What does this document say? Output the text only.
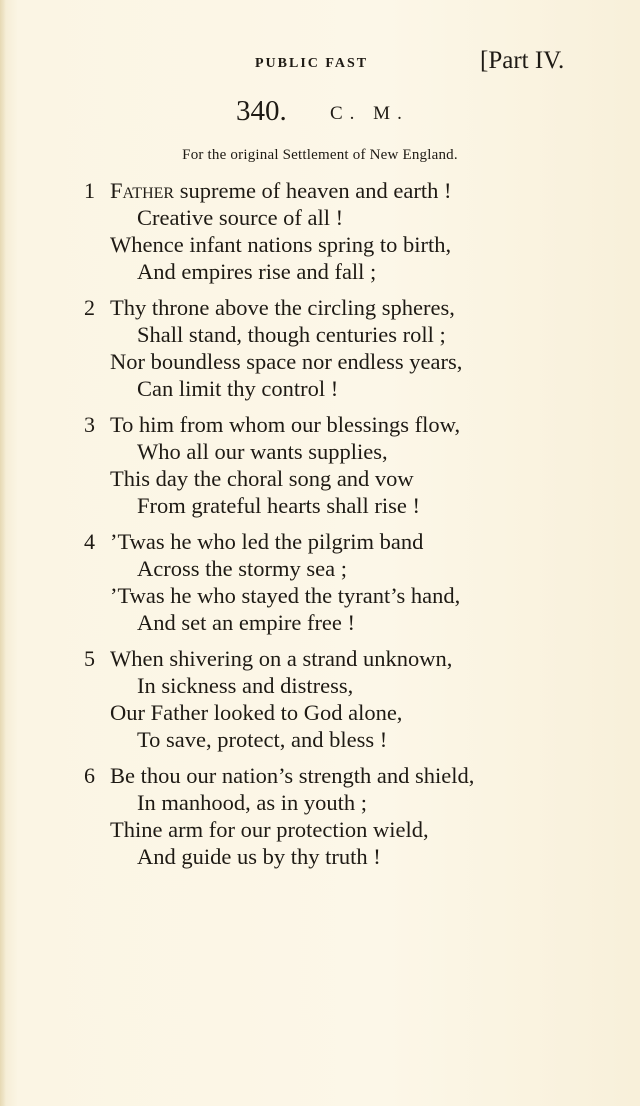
PUBLIC FAST	[Part IV.
340. C. M.
For the original Settlement of New England.
1 Father supreme of heaven and earth !
Creative source of all !
Whence infant nations spring to birth,
And empires rise and fall ;
2 Thy throne above the circling spheres,
Shall stand, though centuries roll ;
Nor boundless space nor endless years,
Can limit thy control !
3 To him from whom our blessings flow,
Who all our wants supplies,
This day the choral song and vow
From grateful hearts shall rise !
4 ’Twas he who led the pilgrim band
Across the stormy sea ;
’Twas he who stayed the tyrant’s hand,
And set an empire free !
5 When shivering on a strand unknown,
In sickness and distress,
Our Father looked to God alone,
To save, protect, and bless !
6 Be thou our nation’s strength and shield,
In manhood, as in youth ;
Thine arm for our protection wield,
And guide us by thy truth !
